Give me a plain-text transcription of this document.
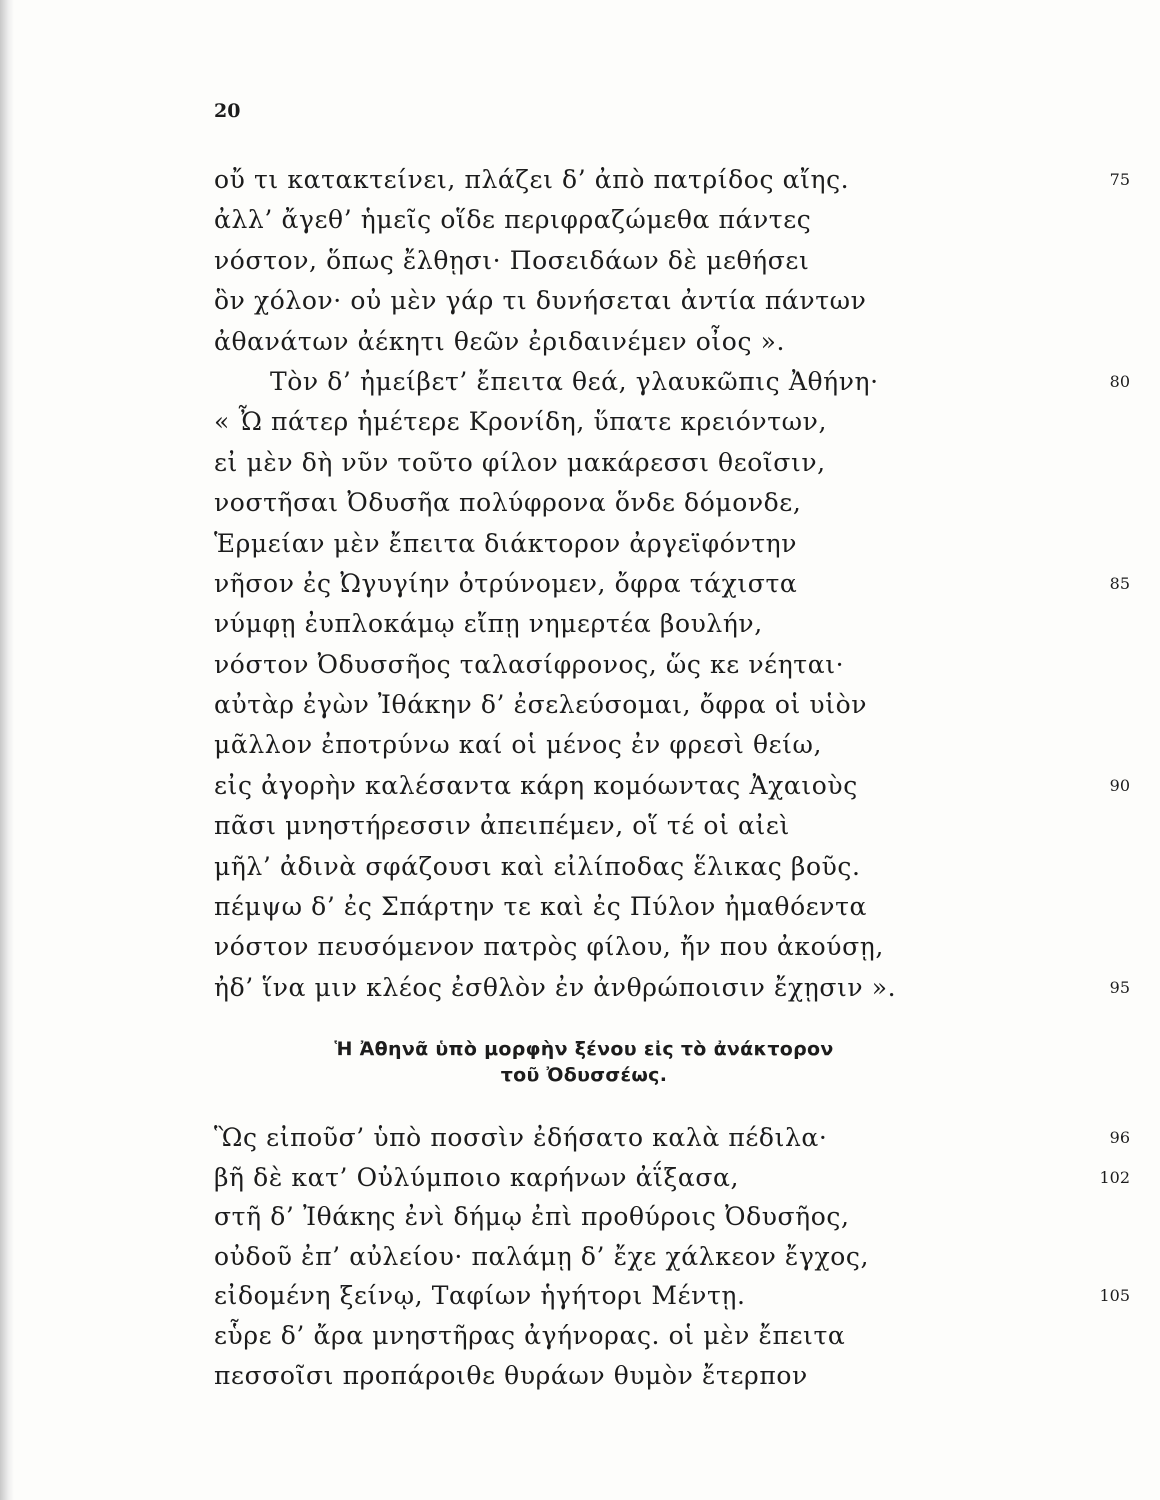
20
οὔ τι κατακτείνει, πλάζει δ’ ἀπὸ πατρίδος αἴης.	75
ἀλλ’ ἄγεθ’ ἡμεῖς οἵδε περιφραζώμεθα πάντες
νόστον, ὅπως ἔλθῃσι· Ποσειδάων δὲ μεθήσει
ὃν χόλον· οὐ μὲν γάρ τι δυνήσεται ἀντία πάντων
ἀθανάτων ἀέκητι θεῶν ἐριδαινέμεν οἶος ».
Τὸν δ’ ἠμείβετ’ ἔπειτα θεά, γλαυκῶπις Ἀθήνη·	80
« Ὦ πάτερ ἡμέτερε Κρονίδη, ὕπατε κρειόντων,
εἰ μὲν δὴ νῦν τοῦτο φίλον μακάρεσσι θεοῖσιν,
νοστῆσαι Ὀδυσῆα πολύφρονα ὅνδε δόμονδε,
Ἑρμείαν μὲν ἔπειτα διάκτορον ἀργεϊφόντην
νῆσον ἐς Ὠγυγίην ὀτρύνομεν, ὄφρα τάχιστα	85
νύμφῃ ἐυπλοκάμῳ εἴπῃ νημερτέα βουλήν,
νόστον Ὀδυσσῆος ταλασίφρονος, ὥς κε νέηται·
αὐτὰρ ἐγὼν Ἰθάκην δ’ ἐσελεύσομαι, ὄφρα οἱ υἱὸν
μᾶλλον ἐποτρύνω καί οἱ μένος ἐν φρεσὶ θείω,
εἰς ἀγορὴν καλέσαντα κάρη κομόωντας Ἀχαιοὺς	90
πᾶσι μνηστήρεσσιν ἀπειπέμεν, οἵ τέ οἱ αἰεὶ
μῆλ’ ἀδινὰ σφάζουσι καὶ εἰλίποδας ἕλικας βοῦς.
πέμψω δ’ ἐς Σπάρτην τε καὶ ἐς Πύλον ἠμαθόεντα
νόστον πευσόμενον πατρὸς φίλου, ἤν που ἀκούσῃ,
ἠδ’ ἵνα μιν κλέος ἐσθλὸν ἐν ἀνθρώποισιν ἔχῃσιν ».	95
Ἡ Ἀθηνᾶ ὑπὸ μορφὴν ξένου εἰς τὸ ἀνάκτορον
τοῦ Ὀδυσσέως.
Ὣς εἰποῦσ’ ὑπὸ ποσσὶν ἐδήσατο καλὰ πέδιλα·	96
βῆ δὲ κατ’ Οὐλύμποιο καρήνων ἀΐξασα,	102
στῆ δ’ Ἰθάκης ἐνὶ δήμῳ ἐπὶ προθύροις Ὀδυσῆος,
οὐδοῦ ἐπ’ αὐλείου· παλάμῃ δ’ ἔχε χάλκεον ἔγχος,
εἰδομένη ξείνῳ, Ταφίων ἡγήτορι Μέντῃ.	105
εὗρε δ’ ἄρα μνηστῆρας ἀγήνορας. οἱ μὲν ἔπειτα
πεσσοῖσι προπάροιθε θυράων θυμὸν ἔτερπον
